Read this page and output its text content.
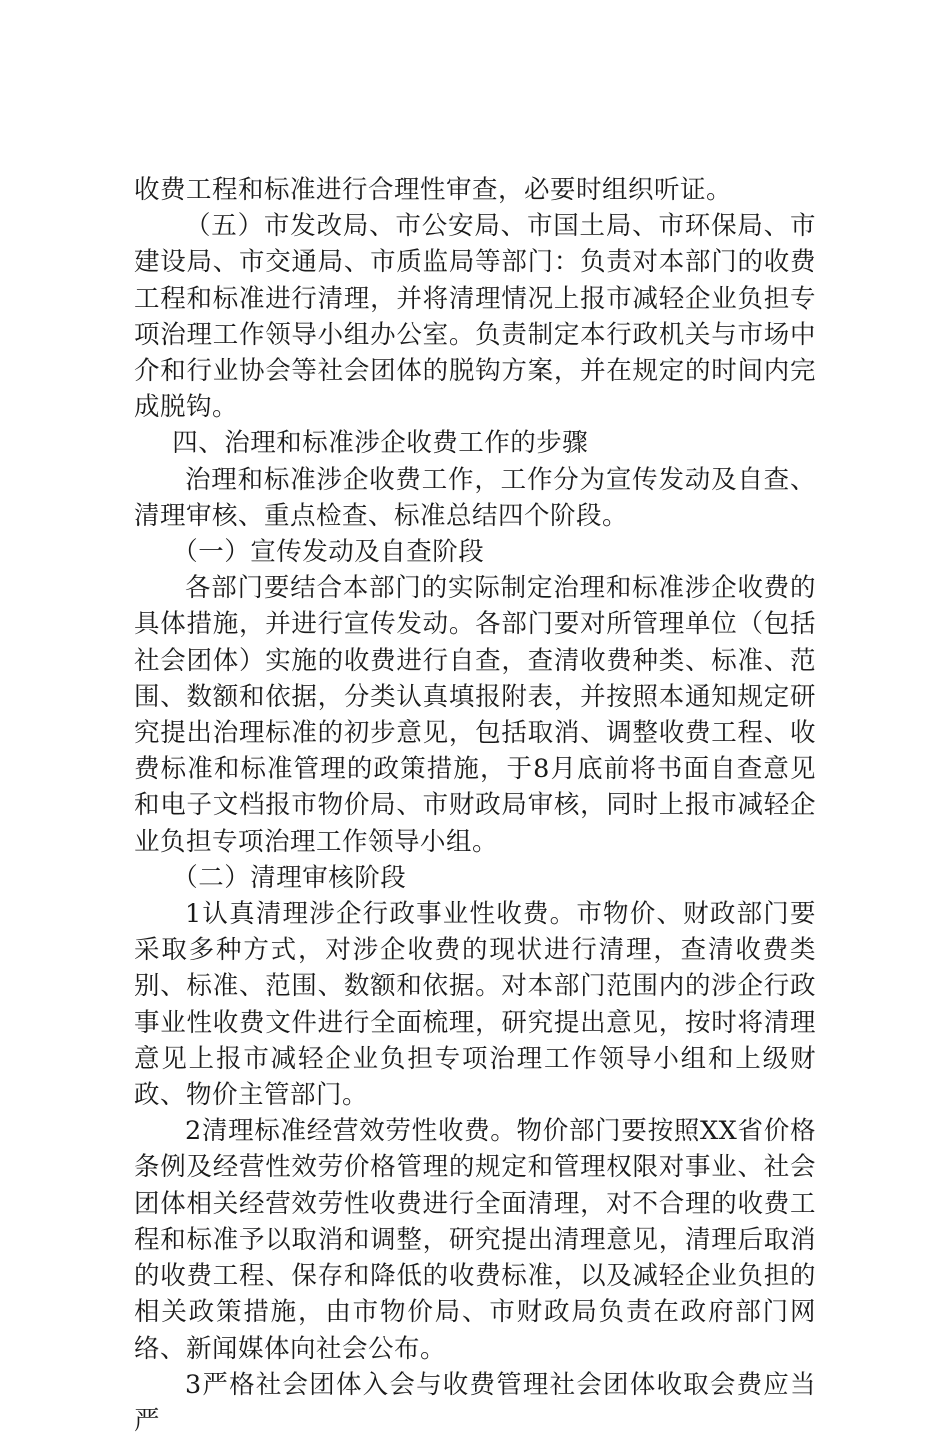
收费工程和标准进行合理性审查，必要时组织听证。

（五）市发改局、市公安局、市国土局、市环保局、市建设局、市交通局、市质监局等部门：负责对本部门的收费工程和标准进行清理，并将清理情况上报市减轻企业负担专项治理工作领导小组办公室。负责制定本行政机关与市场中介和行业协会等社会团体的脱钩方案，并在规定的时间内完成脱钩。

四、治理和标准涉企收费工作的步骤

治理和标准涉企收费工作，工作分为宣传发动及自查、清理审核、重点检查、标准总结四个阶段。

（一）宣传发动及自查阶段

各部门要结合本部门的实际制定治理和标准涉企收费的具体措施，并进行宣传发动。各部门要对所管理单位（包括社会团体）实施的收费进行自查，查清收费种类、标准、范围、数额和依据，分类认真填报附表，并按照本通知规定研究提出治理标准的初步意见，包括取消、调整收费工程、收费标准和标准管理的政策措施，于8月底前将书面自查意见和电子文档报市物价局、市财政局审核，同时上报市减轻企业负担专项治理工作领导小组。

（二）清理审核阶段

1认真清理涉企行政事业性收费。市物价、财政部门要采取多种方式，对涉企收费的现状进行清理，查清收费类别、标准、范围、数额和依据。对本部门范围内的涉企行政事业性收费文件进行全面梳理，研究提出意见，按时将清理意见上报市减轻企业负担专项治理工作领导小组和上级财政、物价主管部门。

2清理标准经营效劳性收费。物价部门要按照XX省价格条例及经营性效劳价格管理的规定和管理权限对事业、社会团体相关经营效劳性收费进行全面清理，对不合理的收费工程和标准予以取消和调整，研究提出清理意见，清理后取消的收费工程、保存和降低的收费标准，以及减轻企业负担的相关政策措施，由市物价局、市财政局负责在政府部门网络、新闻媒体向社会公布。

3严格社会团体入会与收费管理社会团体收取会费应当严
